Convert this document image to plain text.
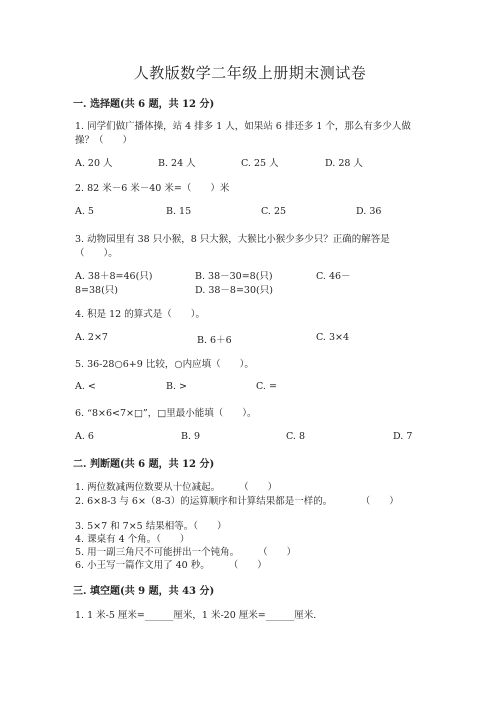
人教版数学二年级上册期末测试卷
一. 选择题(共 6 题，共 12 分)
1. 同学们做广播体操，站 4 排多 1 人，如果站 6 排还多 1 个，那么有多少人做
操？（　　）
A. 20 人	B. 24 人	C. 25 人	D. 28 人
2. 82 米－6 米－40 米=（　　）米
A. 5	B. 15	C. 25	D. 36
3. 动物园里有 38 只小猴，8 只大猴，大猴比小猴少多少只？正确的解答是
（　　）。
A. 38＋8=46(只)	B. 38－30=8(只)	C. 46－
8=38(只)	D. 38－8=30(只)
4. 积是 12 的算式是（　　）。
A. 2×7	B. 6＋6	C. 3×4
5. 36-28○6+9 比较，○内应填（　　）。
A. <	B. >	C. =
6. “8×6<7×□”，□里最小能填（　　）。
A. 6	B. 9	C. 8	D. 7
二. 判断题(共 6 题，共 12 分)
1. 两位数减两位数要从十位减起。　　　（　　）
2. 6×8-3 与 6×（8-3）的运算顺序和计算结果都是一样的。　　　　（　　）
3. 5×7 和 7×5 结果相等。（　　）
4. 课桌有 4 个角。（　　）
5. 用一副三角尺不可能拼出一个钝角。　　　（　　）
6. 小王写一篇作文用了 40 秒。　　　（　　）
三. 填空题(共 9 题，共 43 分)
1. 1 米-5 厘米=______厘米，1 米-20 厘米=______厘米.
